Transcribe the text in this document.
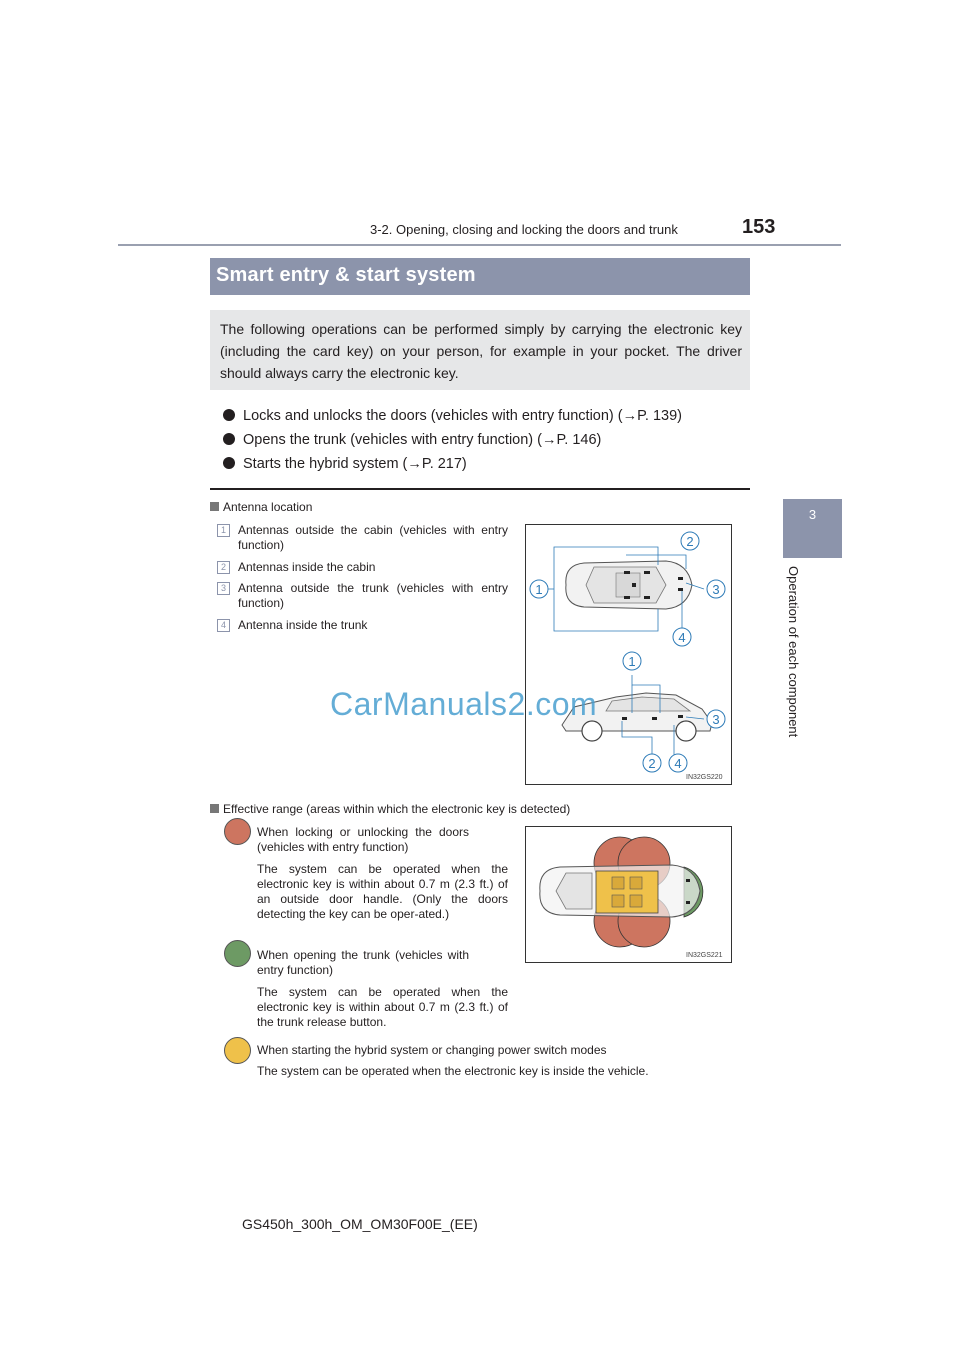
3-2. Opening, closing and locking the doors and trunk	153
3
Operation of each component
Smart entry & start system
The following operations can be performed simply by carrying the electronic key (including the card key) on your person, for example in your pocket. The driver should always carry the electronic key.
Locks and unlocks the doors (vehicles with entry function) (→P. 139)
Opens the trunk (vehicles with entry function) (→P. 146)
Starts the hybrid system (→P. 217)
Antenna location
1	Antennas outside the cabin (vehicles with entry function)
2	Antennas inside the cabin
3	Antenna outside the trunk (vehicles with entry function)
4	Antenna inside the trunk
2
1	3
4
1
3
2 4
IN32GS220
CarManuals2.com
Effective range (areas within which the electronic key is detected)
When locking or unlocking the doors (vehicles with entry function)
The system can be operated when the electronic key is within about 0.7 m (2.3 ft.) of an outside door handle. (Only the doors detecting the key can be oper-ated.)
When opening the trunk (vehicles with entry function)
The system can be operated when the electronic key is within about 0.7 m (2.3 ft.) of the trunk release button.
When starting the hybrid system or changing power switch modes
The system can be operated when the electronic key is inside the vehicle.
IN32GS221
GS450h_300h_OM_OM30F00E_(EE)
